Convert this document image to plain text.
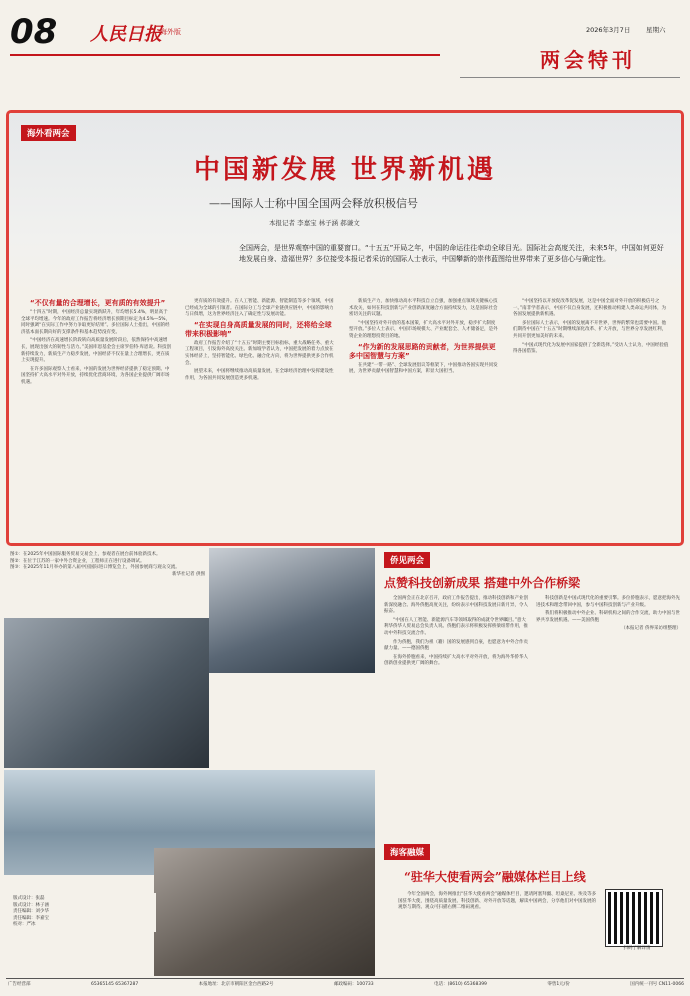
08 人民日报
海外版	2026年3月7日 星期六
两会特刊
海外看两会
中国新发展 世界新机遇
——国际人士称中国全国两会释放积极信号
本报记者 李嘉宝 林子涵 郝谦文
全国两会，是世界观察中国的重要窗口。“十五五”开局之年，中国的命运往往牵动全球目光。国际社会高度关注，未来5年，中国如何更好地发展自身、造福世界？多位接受本报记者采访的国际人士表示，中国攀新的崇伟蓝图给世界带来了更多信心与确定性。

“不仅有量的合理增长，更有质的有效提升”

“十四五”时期，中国经济总量实现新跃升，年均增长5.4%，明显高于全球平均增速。今年的政府工作报告将经济增长预期目标定为4.5%—5%，同时强调“在实际工作中努力争取更好结果”。多位国际人士指出，中国的经济基本面长期向好的支撑条件和基本趋势没有变。

“中国经济在高速增长阶段转向高质量发展阶段后，依然保持中高速增长，展现出强大的韧性与活力。”美国库恩基金会主席罗伯特·库恩说。科技创新持续发力，新质生产力稳步发展，中国经济不仅在量上合理增长，更在质上实现提升。

在许多国际观察人士看来，中国的发展为世界经济提供了稳定预期。中国坚持扩大高水平对外开放，持续优化营商环境，为各国企业提供广阔市场机遇。

更有质的有效提升。在人工智能、新能源、智能制造等多个领域，中国已经成为全球的引领者。在国际分工与全球产业链供应链中，中国的影响力与日俱增，这为世界经济注入了确定性与发展动能。

“在实现自身高质量发展的同时，还将给全球带来积极影响”

政府工作报告介绍了“十五五”时期主要目标指标，重大战略任务、重大工程项目，引发海外高度关注。新加坡学者认为，中国把发展的着力点放在实体经济上，坚持智能化、绿色化、融合化方向，将为世界提供更多合作机会。

展望未来，中国将继续推动高质量发展，在全球经济治理中发挥建设性作用，为各国共同发展创造更多机遇。

新质生产力，加快推动高水平科技自立自强，加强重点领域关键核心技术攻关，如何在科技创新与产业创新深度融合方面持续发力，这是国际社会密切关注的议题。

“中国坚持对外开放的基本国策，扩大高水平对外开放，稳步扩大制度型开放。”多位人士表示，中国市场规模大、产业配套全、人才储备足，是外资企业的理想投资目的地。

“作为新的发展思路的贡献者，为世界提供更多中国智慧与方案”

在共建“一带一路”、全球发展倡议等框架下，中国推动各国实现共同发展，为世界贡献中国智慧和中国方案，彰显大国担当。

“中国坚持以开放促改革促发展，这是中国全面对外开放的积极信号之一。”南非学者表示，中国不仅自身发展，还积极推动构建人类命运共同体，为各国发展提供新机遇。

多位国际人士表示，中国的发展离不开世界，世界的繁荣也需要中国。他们期待中国在“十五五”时期继续深化改革、扩大开放，与世界分享发展红利，共同开创更加美好的未来。

“中国式现代化为发展中国家提供了全新选择。”受访人士认为，中国经验值得各国借鉴。

图①：在2025年中国国际服务贸易交易会上，参观者在展台前体验新技术。
图②：在位于江苏的一家中外合资企业，工程师正在进行设备调试。
图③：在2025年11月举办的第八届中国国际进口博览会上，外国参展商与观众交流。
新华社记者 供图
版式设计：张磊
版式设计：林子涵
责任编辑：刘少华
责任编辑：李嘉宝
校对：严冰
侨见两会
点赞科技创新成果 搭建中外合作桥梁

全国两会正在北京召开，政府工作报告提出，推动科技创新和产业创新深度融合。海外侨胞高度关注，纷纷表示中国科技发展日新月异，令人振奋。

“中国在人工智能、新能源汽车等领域取得的成就令世界瞩目。”意大利华侨华人贸易总会负责人说。侨胞们表示将积极发挥桥梁纽带作用，推动中外科技交流合作。

作为侨胞，我们为祖（籍）国的发展感到自豪，也愿意为中外合作贡献力量。——德国侨胞

在海外侨胞看来，中国持续扩大高水平对外开放，将为海外华侨华人创新创业提供更广阔的舞台。

科技创新是中国式现代化的重要引擎。多位侨胞表示，愿意把海外先进技术和理念带回中国，参与中国科技创新与产业升级。

我们将积极推动中外企业、科研机构之间的合作交流，助力中国与世界共享发展机遇。——美国侨胞

（本报记者 侨界采访组整理）

海客融媒
“驻华大使看两会”融媒体栏目上线
今年全国两会，海外网推出“驻华大使看两会”融媒体栏目，邀请阿塞拜疆、坦桑尼亚、埃及等多国驻华大使，围绕高质量发展、科技创新、对外开放等话题，解读中国两会，分享他们对中国发展的观察与期待。观众可扫描右侧二维码观看。
扫码了解详情
广告经营部	65365145 65367287	本报地址：北京市朝阳区金台西路2号	邮政编码：100733	电话：(8610) 65368399	零售1元/份	国内统一刊号 CN11-0066
